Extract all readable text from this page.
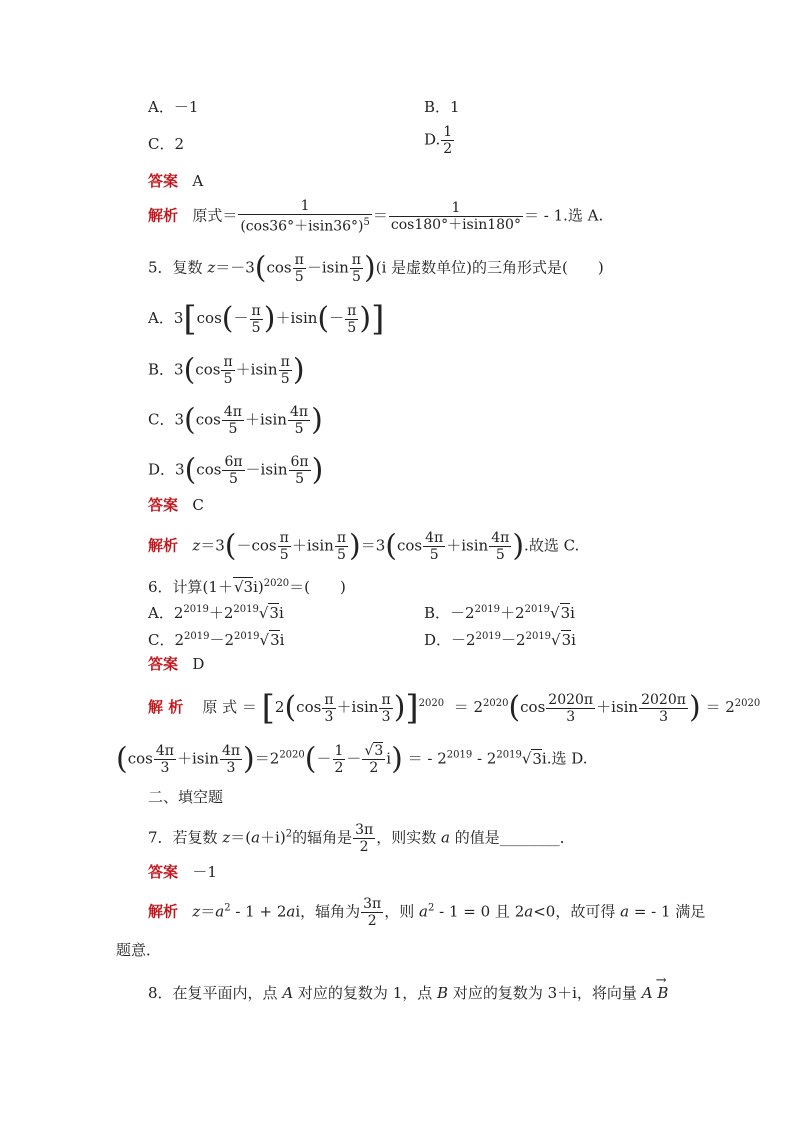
A．－1	B．1
C．2	D. $\frac{1}{2}$
答案 A
解析 原式＝ $\frac{1}{(\cos 36^\circ+isin36^\circ)^5} = \frac{1}{\cos 180^\circ+isin180^\circ}$ ＝ - 1.选 A.
5．复数 $z=-3(\cos \frac{\pi}{5} -isin \frac{\pi}{5} )(i$ 是虚数单位)的三角形式是(　　)
A．$3[\cos(- \frac{\pi}{5} )+isin(- \frac{\pi}{5}$ )]
B．$3(\cos \frac{\pi}{5} +isin \frac{\pi}{5}$ )
C．$3(\cos \frac{4\pi}{5} +isin \frac{4\pi}{5}$ )
D．$3(\cos \frac{6\pi}{5} -isin \frac{6\pi}{5}$ )
答案 C
解析 $z=3(-\cos \frac{\pi}{5} +isin \frac{\pi}{5} )=3(\cos \frac{4\pi}{5} +isin \frac{4\pi}{5}$ ).故选 C.
6．计算$(1+√3i)^{2020}=$(　　)
A．$2^{2019}+2^{2019}√3i$	B．$-2^{2019}+2^{2019}√3i$
C．$2^{2019}-2^{2019}√3i$	D．$-2^{2019}-2^{2019}√3i$
答案 D
解 析 原 式 ＝ $[2(\cos \frac{\pi}{3} +isin \frac{\pi}{3} )]^{2020} = 2^{2020}(\cos \frac{2020\pi}{3} +isin \frac{2020\pi}{3}$ ) ＝ $2^{2020}$
$(\cos \frac{4\pi}{3} +isin \frac{4\pi}{3} )=2^{2020}(- \frac{1}{2} - \frac{√3}{2} i)$ ＝ - $2^{2019} - 2^{2019}√3i$.选 D.
二、填空题
7．若复数 $z=(a+i)^2$的辐角是 $\frac{3\pi}{2}$ ，则实数 a 的值是________．
答案 －1
解析 $z=a^2 - 1 + 2ai$，辐角为 $\frac{3\pi}{2}$ ，则 $a^2 - 1 = 0$ 且 2a<0，故可得 a = - 1 满足
题意．
8．在复平面内，点 A 对应的复数为 1，点 B 对应的复数为 3＋i，将向量 A B
→
